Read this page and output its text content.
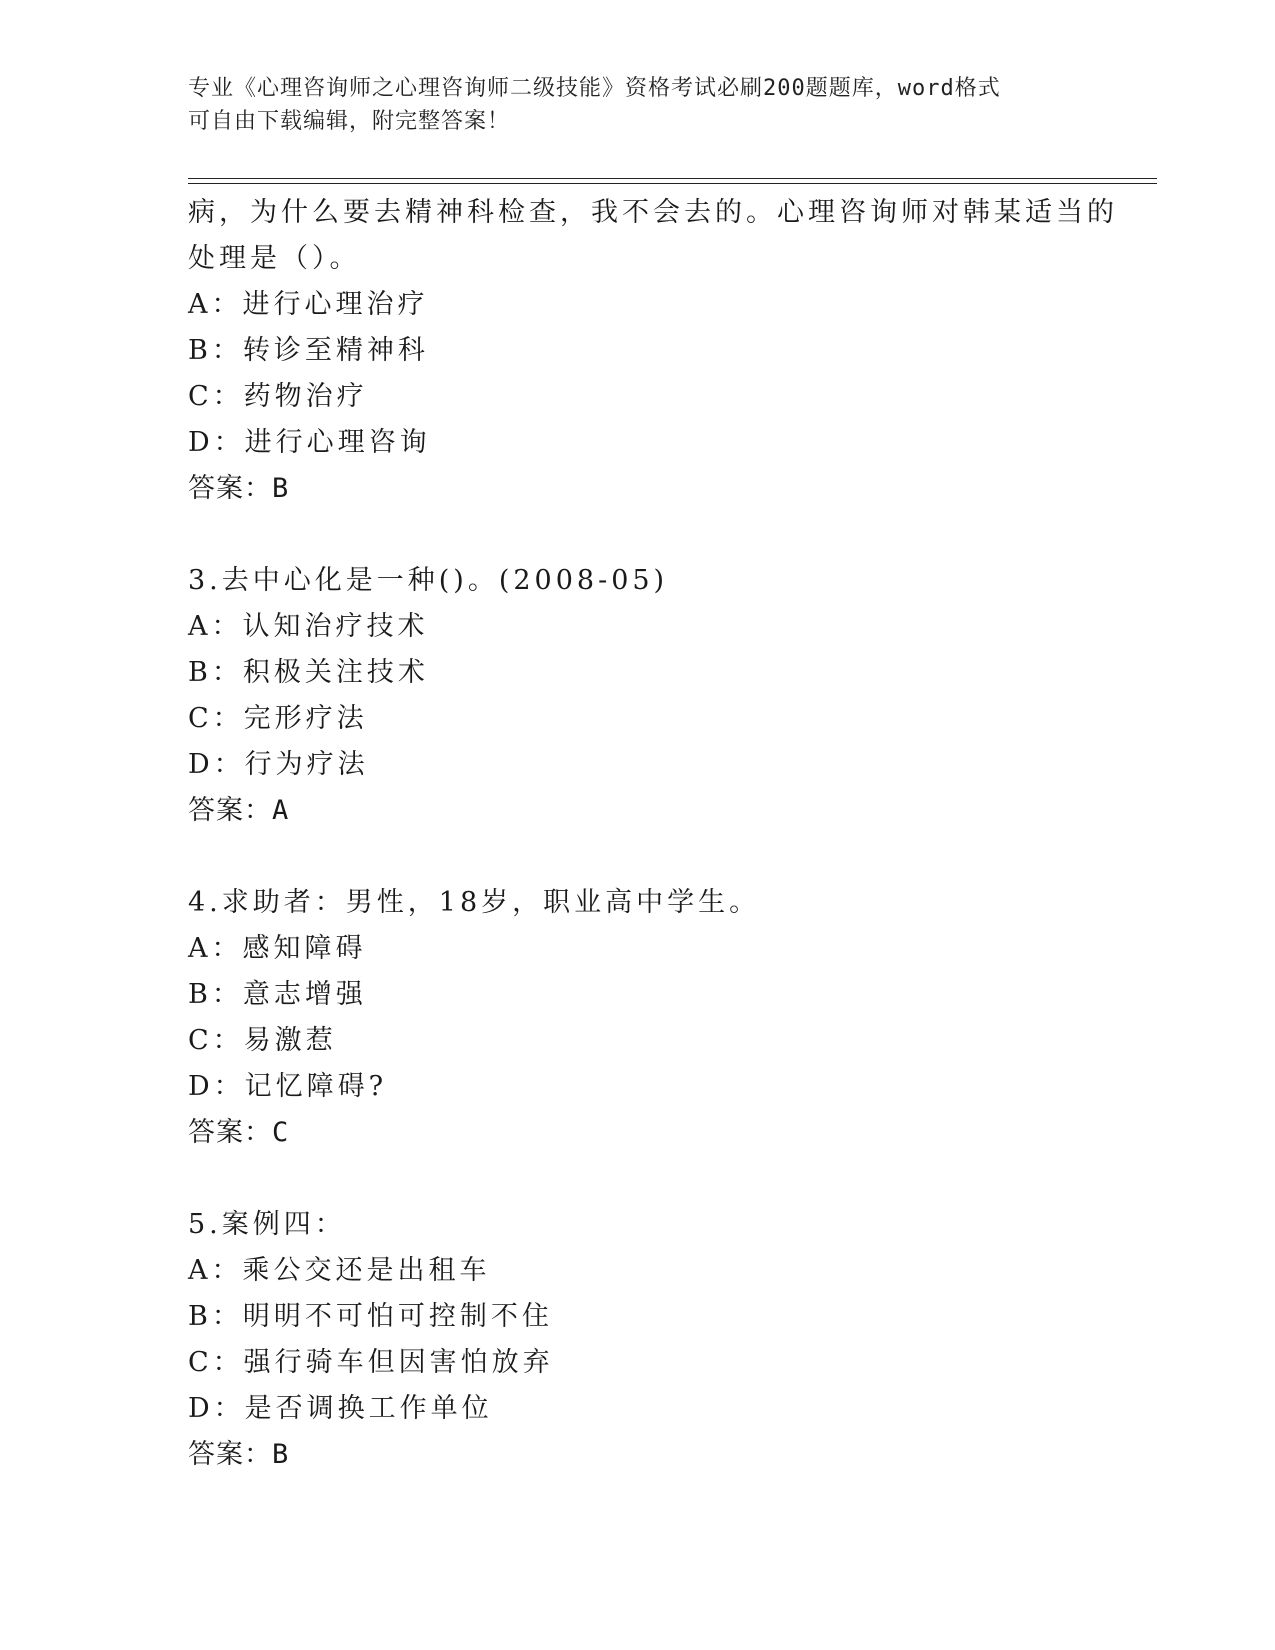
专业《心理咨询师之心理咨询师二级技能》资格考试必刷200题题库，word格式
可自由下载编辑，附完整答案！
病，为什么要去精神科检查，我不会去的。心理咨询师对韩某适当的
处理是（）。
A：进行心理治疗
B：转诊至精神科
C：药物治疗
D：进行心理咨询
答案：B
3.去中心化是一种()。(2008-05)
A：认知治疗技术
B：积极关注技术
C：完形疗法
D：行为疗法
答案：A
4.求助者：男性，18岁，职业高中学生。
A：感知障碍
B：意志增强
C：易激惹
D：记忆障碍?
答案：C
5.案例四：
A：乘公交还是出租车
B：明明不可怕可控制不住
C：强行骑车但因害怕放弃
D：是否调换工作单位
答案：B
